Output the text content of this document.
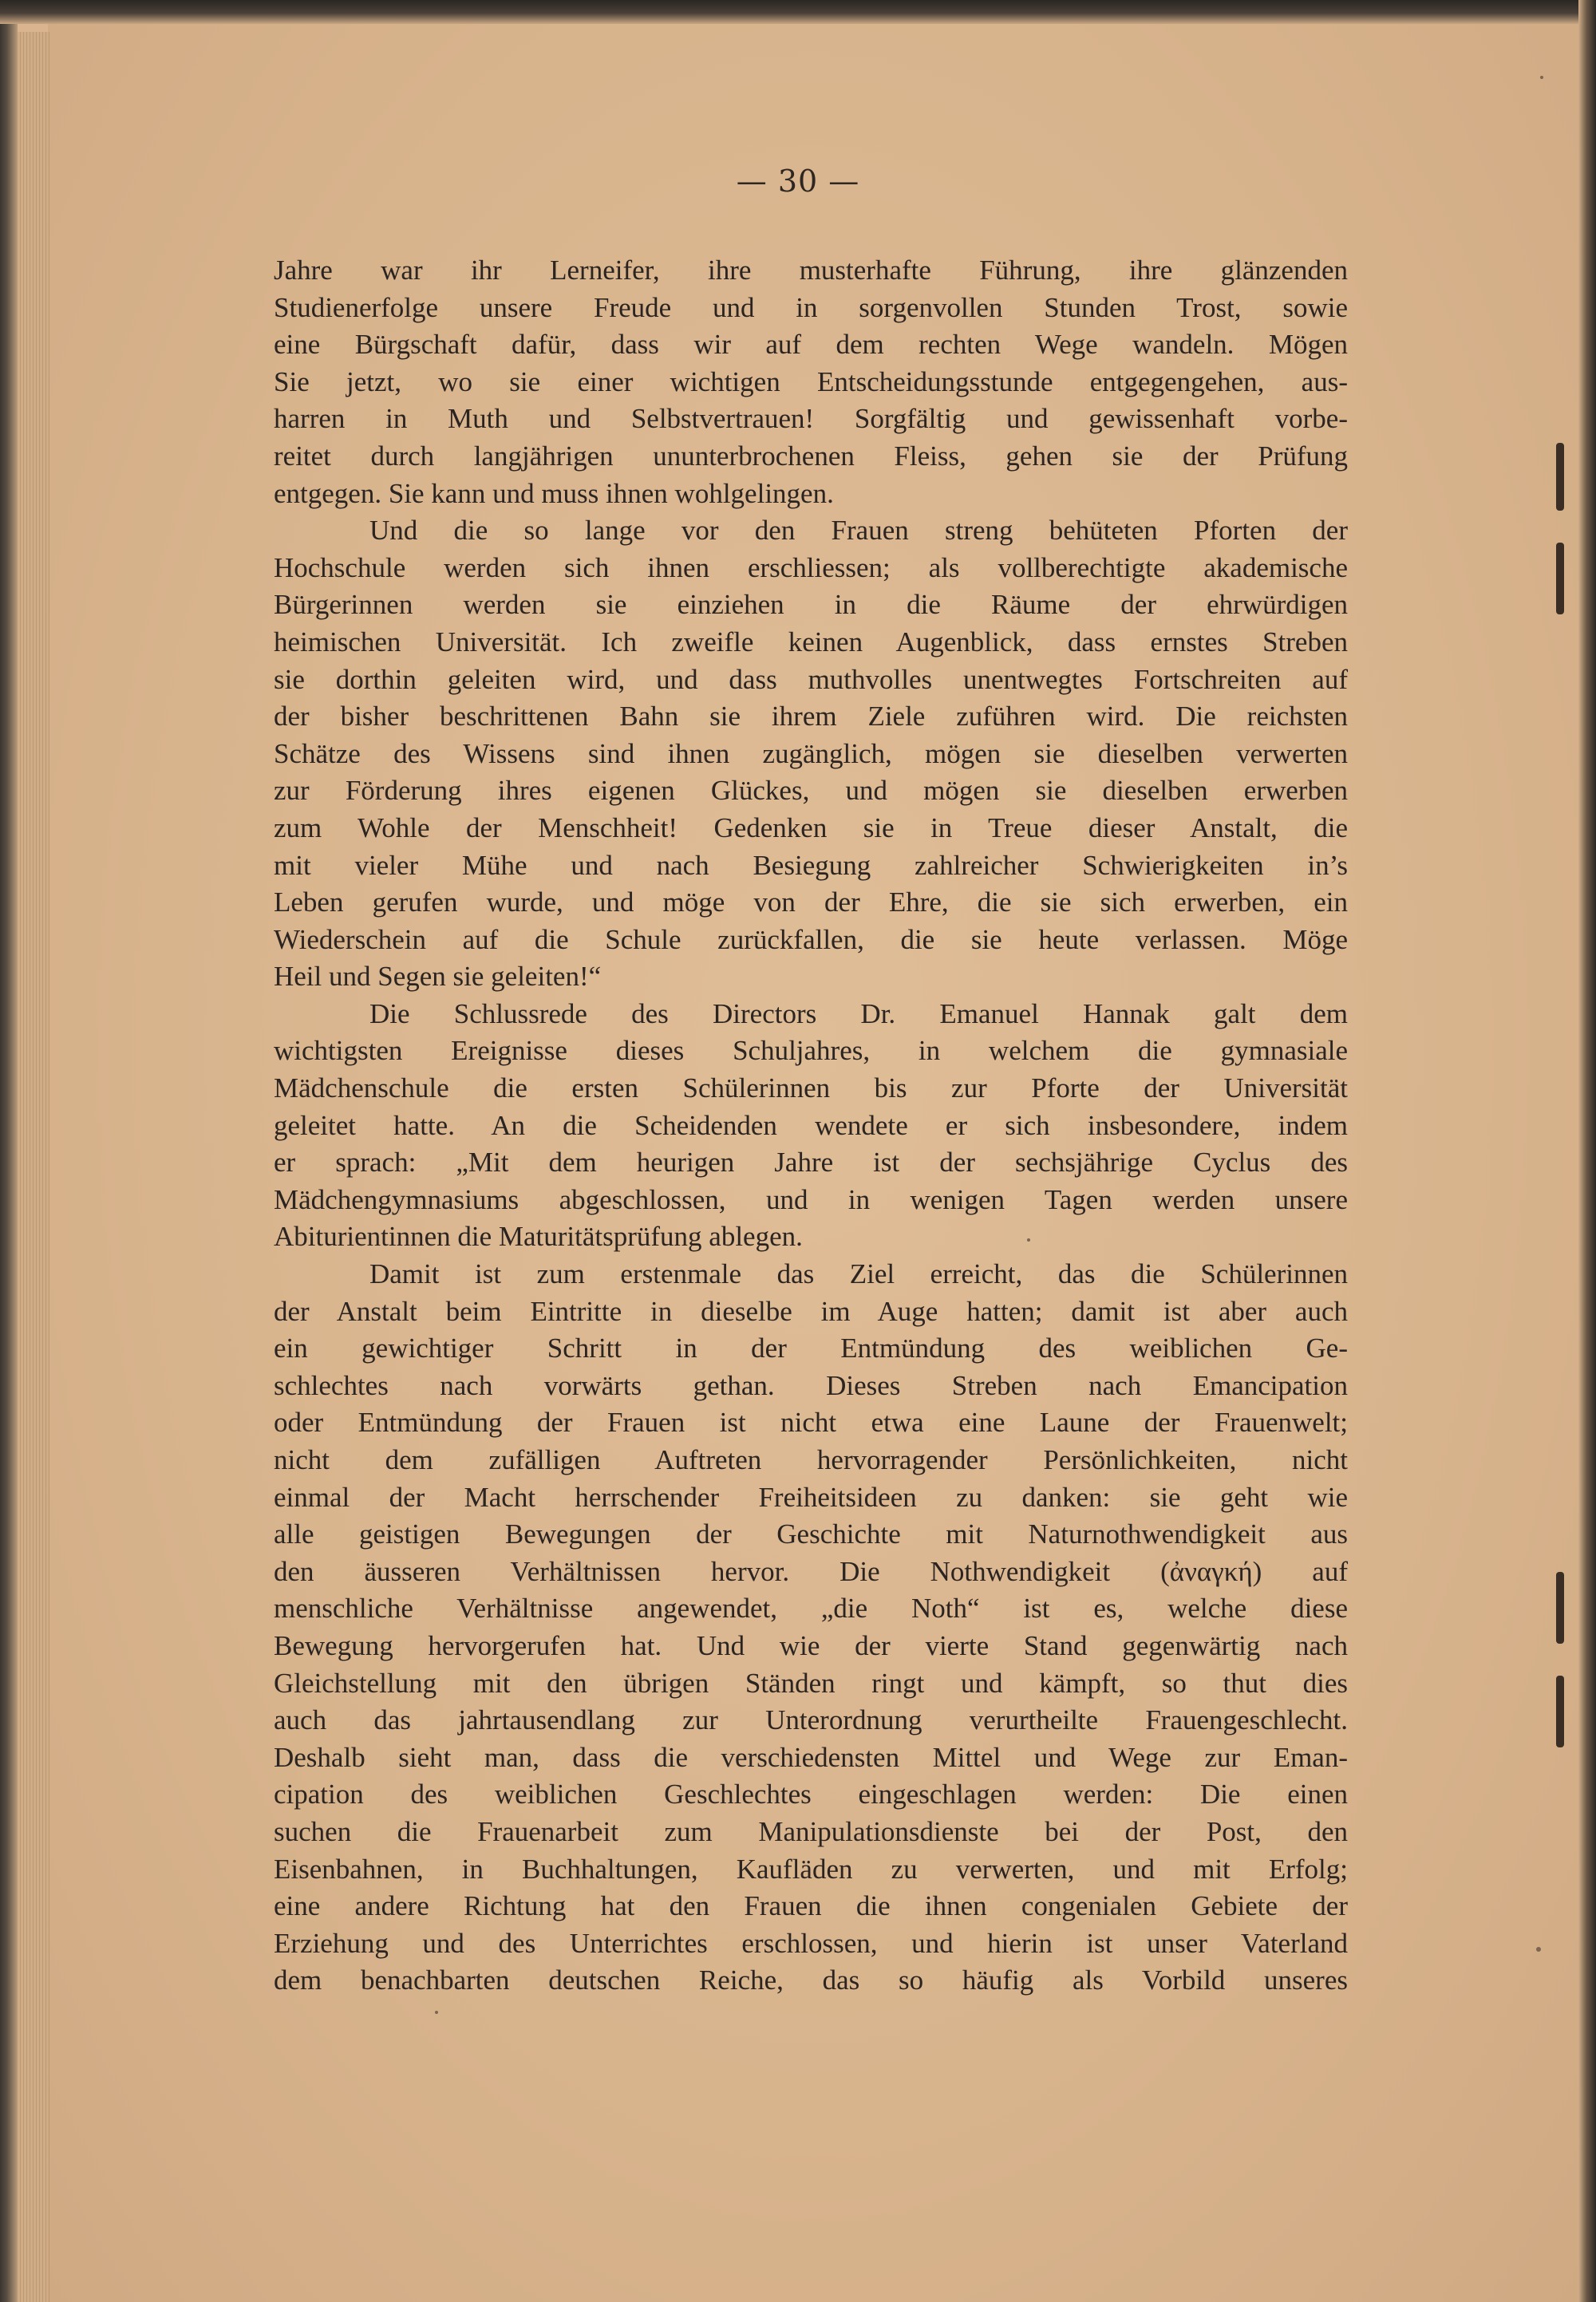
— 30 —
Jahre war ihr Lerneifer, ihre musterhafte Führung, ihre glänzenden
Studienerfolge unsere Freude und in sorgenvollen Stunden Trost, sowie
eine Bürgschaft dafür, dass wir auf dem rechten Wege wandeln. Mögen
Sie jetzt, wo sie einer wichtigen Entscheidungsstunde entgegengehen, aus-
harren in Muth und Selbstvertrauen! Sorgfältig und gewissenhaft vorbe-
reitet durch langjährigen ununterbrochenen Fleiss, gehen sie der Prüfung
entgegen. Sie kann und muss ihnen wohlgelingen.
Und die so lange vor den Frauen streng behüteten Pforten der
Hochschule werden sich ihnen erschliessen; als vollberechtigte akademische
Bürgerinnen werden sie einziehen in die Räume der ehrwürdigen
heimischen Universität. Ich zweifle keinen Augenblick, dass ernstes Streben
sie dorthin geleiten wird, und dass muthvolles unentwegtes Fortschreiten auf
der bisher beschrittenen Bahn sie ihrem Ziele zuführen wird. Die reichsten
Schätze des Wissens sind ihnen zugänglich, mögen sie dieselben verwerten
zur Förderung ihres eigenen Glückes, und mögen sie dieselben erwerben
zum Wohle der Menschheit! Gedenken sie in Treue dieser Anstalt, die
mit vieler Mühe und nach Besiegung zahlreicher Schwierigkeiten in’s
Leben gerufen wurde, und möge von der Ehre, die sie sich erwerben, ein
Wiederschein auf die Schule zurückfallen, die sie heute verlassen. Möge
Heil und Segen sie geleiten!“
Die Schlussrede des Directors Dr. Emanuel Hannak galt dem
wichtigsten Ereignisse dieses Schuljahres, in welchem die gymnasiale
Mädchenschule die ersten Schülerinnen bis zur Pforte der Universität
geleitet hatte. An die Scheidenden wendete er sich insbesondere, indem
er sprach: „Mit dem heurigen Jahre ist der sechsjährige Cyclus des
Mädchengymnasiums abgeschlossen, und in wenigen Tagen werden unsere
Abiturientinnen die Maturitätsprüfung ablegen.
Damit ist zum erstenmale das Ziel erreicht, das die Schülerinnen
der Anstalt beim Eintritte in dieselbe im Auge hatten; damit ist aber auch
ein gewichtiger Schritt in der Entmündung des weiblichen Ge-
schlechtes nach vorwärts gethan. Dieses Streben nach Emancipation
oder Entmündung der Frauen ist nicht etwa eine Laune der Frauenwelt;
nicht dem zufälligen Auftreten hervorragender Persönlichkeiten, nicht
einmal der Macht herrschender Freiheitsideen zu danken: sie geht wie
alle geistigen Bewegungen der Geschichte mit Naturnothwendigkeit aus
den äusseren Verhältnissen hervor. Die Nothwendigkeit (ἀναγκή) auf
menschliche Verhältnisse angewendet, „die Noth“ ist es, welche diese
Bewegung hervorgerufen hat. Und wie der vierte Stand gegenwärtig nach
Gleichstellung mit den übrigen Ständen ringt und kämpft, so thut dies
auch das jahrtausendlang zur Unterordnung verurtheilte Frauengeschlecht.
Deshalb sieht man, dass die verschiedensten Mittel und Wege zur Eman-
cipation des weiblichen Geschlechtes eingeschlagen werden: Die einen
suchen die Frauenarbeit zum Manipulationsdienste bei der Post, den
Eisenbahnen, in Buchhaltungen, Kaufläden zu verwerten, und mit Erfolg;
eine andere Richtung hat den Frauen die ihnen congenialen Gebiete der
Erziehung und des Unterrichtes erschlossen, und hierin ist unser Vaterland
dem benachbarten deutschen Reiche, das so häufig als Vorbild unseres
